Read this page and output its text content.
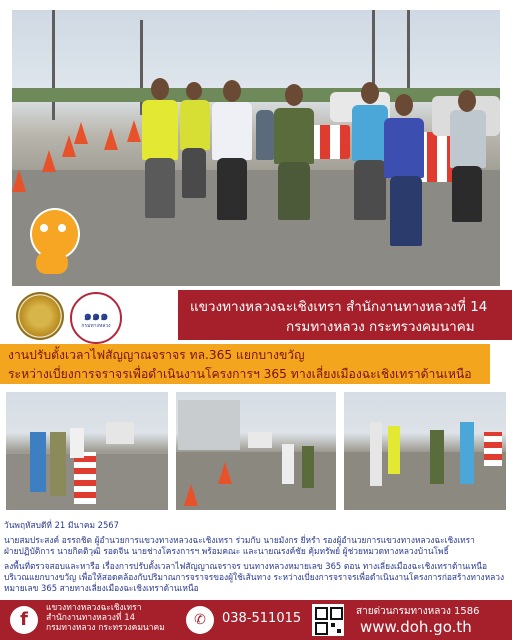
๑๑๑
กรมทางหลวง
แขวงทางหลวงฉะเชิงเทรา สำนักงานทางหลวงที่ 14
กรมทางหลวง กระทรวงคมนาคม
งานปรับตั้งเวลาไฟสัญญาณจราจร ทล.365 แยกบางขวัญ
ระหว่างเบี่ยงการจราจรเพื่อดำเนินงานโครงการฯ 365 ทางเลี่ยงเมืองฉะเชิงเทราด้านเหนือ
วันพฤหัสบดีที่ 21 มีนาคม 2567
นายสมประสงค์ อรรถชิต ผู้อำนวยการแขวงทางหลวงฉะเชิงเทรา ร่วมกับ นายมังกร ยี่หรำ รองผู้อำนวยการแขวงทางหลวงฉะเชิงเทรา
ฝ่ายปฏิบัติการ นายกิตติวุฒิ รอดจีน นายช่างโครงการฯ พร้อมคณะ และนายณรงค์ชัย คุ้มทรัพย์ ผู้ช่วยหมวดทางหลวงบ้านโพธิ์
ลงพื้นที่ตรวจสอบและหารือ เรื่องการปรับตั้งเวลาไฟสัญญาณจราจร บนทางหลวงหมายเลข 365 ตอน ทางเลี่ยงเมืองฉะเชิงเทราด้านเหนือ
บริเวณแยกบางขวัญ เพื่อให้สอดคล้องกับปริมาณการจราจรของผู้ใช้เส้นทาง ระหว่างเบี่ยงการจราจรเพื่อดำเนินงานโครงการก่อสร้างทางหลวง
หมายเลข 365 สายทางเลี่ยงเมืองฉะเชิงเทราด้านเหนือ
f
แขวงทางหลวงฉะเชิงเทรา
สำนักงานทางหลวงที่ 14
กรมทางหลวง กระทรวงคมนาคม	✆	038-511015	สายด่วนกรมทางหลวง 1586
www.doh.go.th
